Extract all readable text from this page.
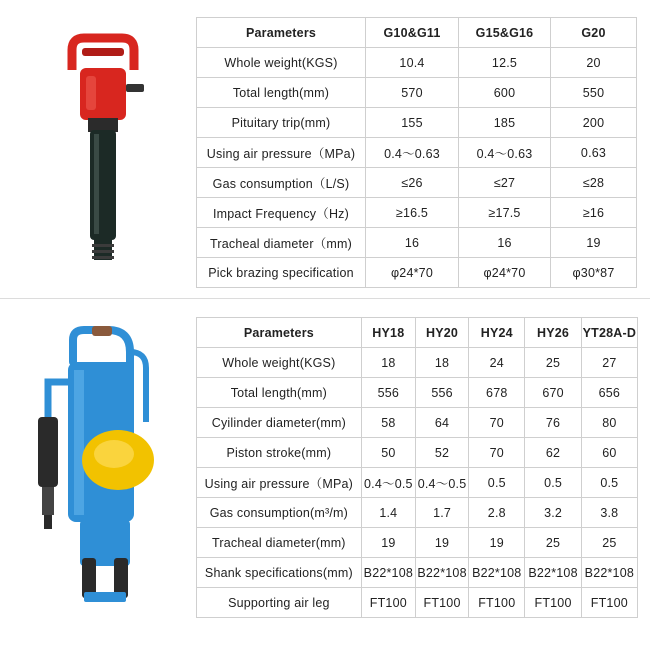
Parameters	G10&G11	G15&G16	G20
Whole weight(KGS)	10.4	12.5	20
Total length(mm)	570	600	550
Pituitary trip(mm)	155	185	200
Using air pressure（MPa)	0.4～0.63	0.4～0.63	0.63
Gas consumption（L/S)	≤26	≤27	≤28
Impact Frequency（Hz)	≥16.5	≥17.5	≥16
Tracheal diameter（mm)	16	16	19
Pick brazing specification	φ24*70	φ24*70	φ30*87
Parameters	HY18	HY20	HY24	HY26	YT28A-D
Whole weight(KGS)	18	18	24	25	27
Total length(mm)	556	556	678	670	656
Cyilinder diameter(mm)	58	64	70	76	80
Piston stroke(mm)	50	52	70	62	60
Using air pressure（MPa)	0.4～0.5	0.4～0.5	0.5	0.5	0.5
Gas consumption(m³/m)	1.4	1.7	2.8	3.2	3.8
Tracheal diameter(mm)	19	19	19	25	25
Shank specifications(mm)	B22*108	B22*108	B22*108	B22*108	B22*108
Supporting air leg	FT100	FT100	FT100	FT100	FT100
